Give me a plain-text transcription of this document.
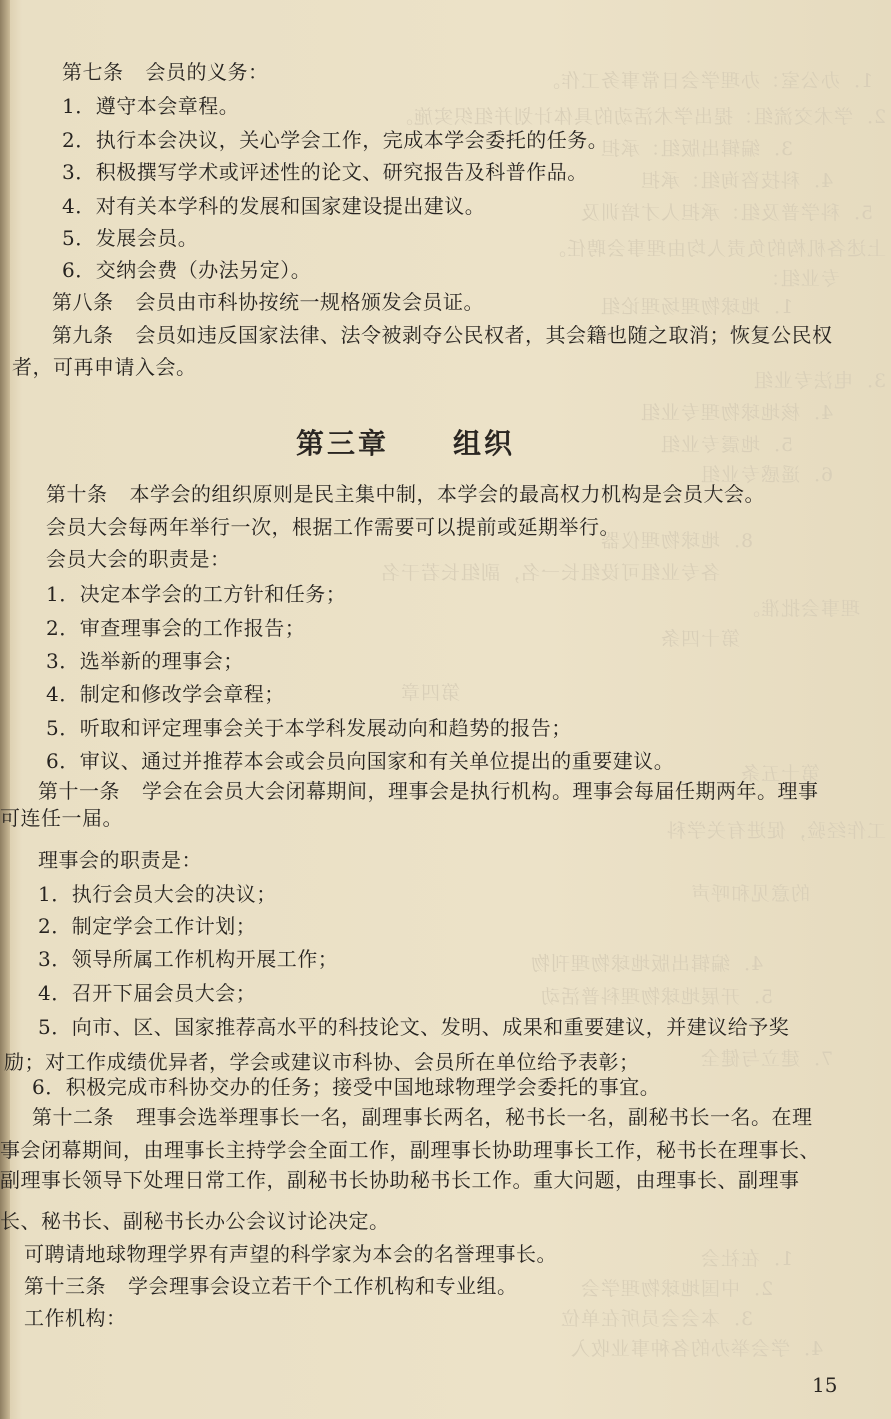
1．办公室：办理学会日常事务工作。
2．学术交流组：提出学术活动的具体计划并组织实施。
3．编辑出版组：承担
4．科技咨询组：承担
5．科学普及组：承担人才培训及
上述各机构的负责人均由理事会聘任。
专业组：
1．地球物理场理论组
3．电法专业组
4．核地球物理专业组
5．地震专业组
6．遥感专业组
8．地球物理仪器
各专业组可设组长一名，副组长若干名
理事会批准。
第十四条
第四章
第十五条
工作经验，促进有关学科
的意见和呼声
4．编辑出版地球物理刊物
5．开展地球物理科普活动
7．建立与健全
1．在社会
2．中国地球物理学会
3．本会会员所在单位
4．学会举办的各种事业收入
第七条 会员的义务：
1．遵守本会章程。
2．执行本会决议，关心学会工作，完成本学会委托的任务。
3．积极撰写学术或评述性的论文、研究报告及科普作品。
4．对有关本学科的发展和国家建设提出建议。
5．发展会员。
6．交纳会费（办法另定）。
第八条 会员由市科协按统一规格颁发会员证。
第九条 会员如违反国家法律、法令被剥夺公民权者，其会籍也随之取消；恢复公民权
者，可再申请入会。
第十条 本学会的组织原则是民主集中制，本学会的最高权力机构是会员大会。
会员大会每两年举行一次，根据工作需要可以提前或延期举行。
会员大会的职责是：
1．决定本学会的工方针和任务；
2．审查理事会的工作报告；
3．选举新的理事会；
4．制定和修改学会章程；
5．听取和评定理事会关于本学科发展动向和趋势的报告；
6．审议、通过并推荐本会或会员向国家和有关单位提出的重要建议。
第十一条 学会在会员大会闭幕期间，理事会是执行机构。理事会每届任期两年。理事
可连任一届。
理事会的职责是：
1．执行会员大会的决议；
2．制定学会工作计划；
3．领导所属工作机构开展工作；
4．召开下届会员大会；
5．向市、区、国家推荐高水平的科技论文、发明、成果和重要建议，并建议给予奖
励；对工作成绩优异者，学会或建议市科协、会员所在单位给予表彰；
6．积极完成市科协交办的任务；接受中国地球物理学会委托的事宜。
第十二条 理事会选举理事长一名，副理事长两名，秘书长一名，副秘书长一名。在理
事会闭幕期间，由理事长主持学会全面工作，副理事长协助理事长工作，秘书长在理事长、
副理事长领导下处理日常工作，副秘书长协助秘书长工作。重大问题，由理事长、副理事
长、秘书长、副秘书长办公会议讨论决定。
可聘请地球物理学界有声望的科学家为本会的名誉理事长。
第十三条 学会理事会设立若干个工作机构和专业组。
工作机构：
第三章 组织
15
